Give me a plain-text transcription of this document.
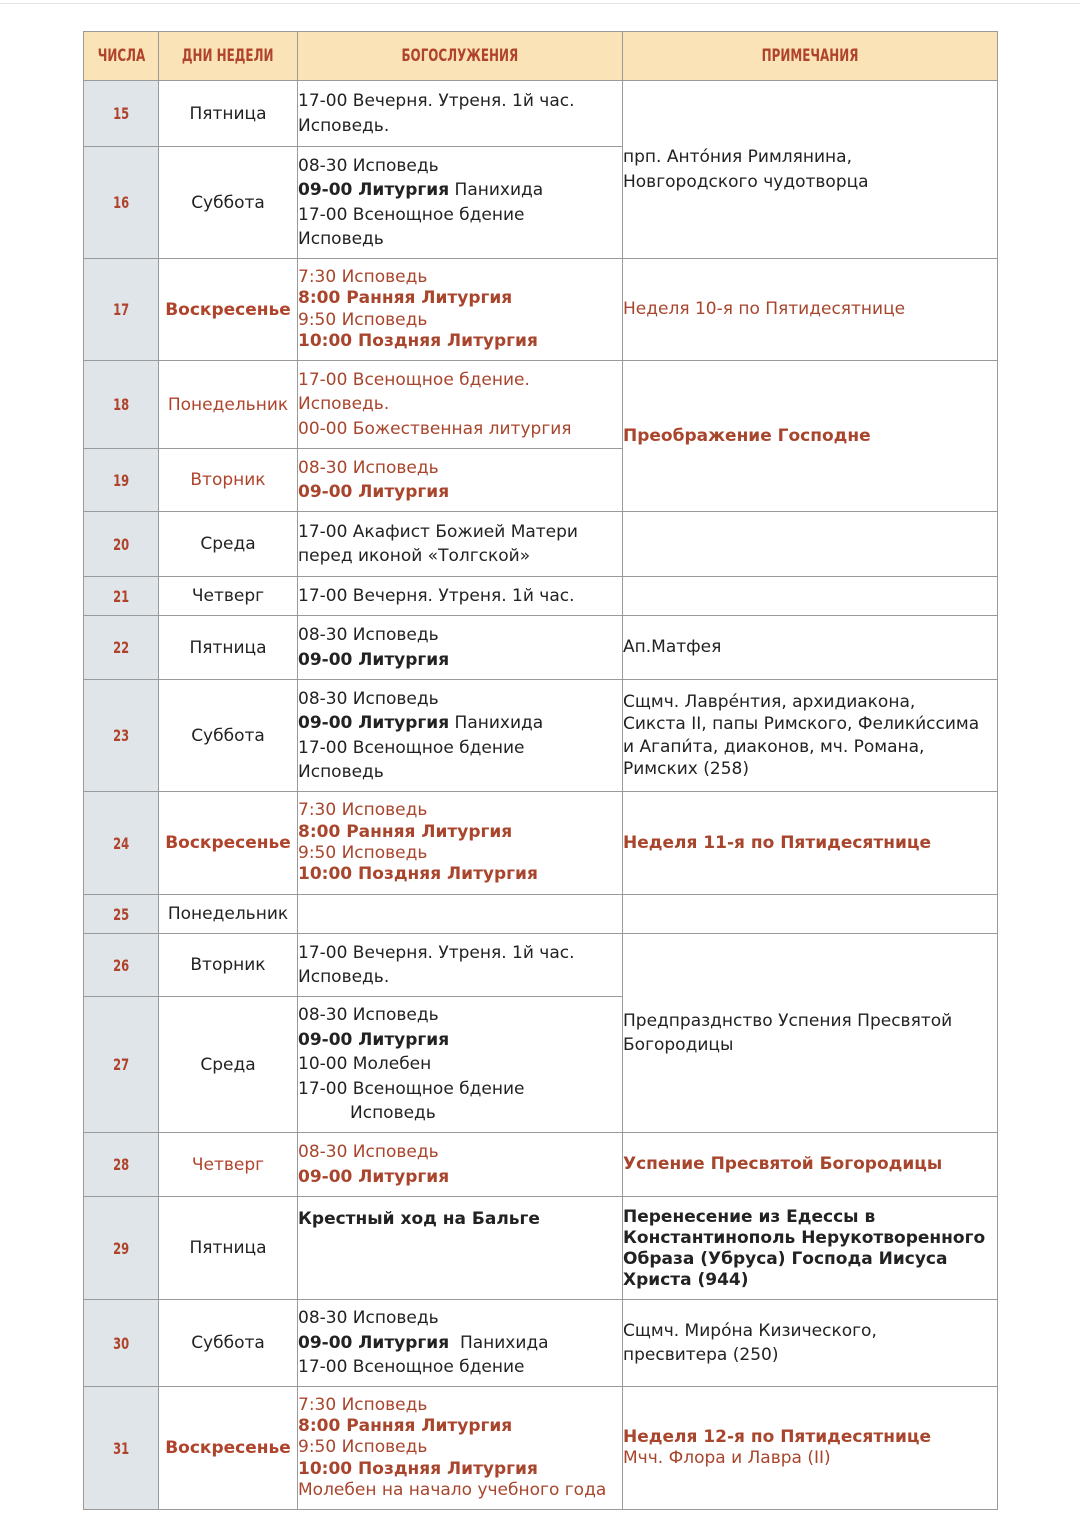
ЧИСЛА	ДНИ НЕДЕЛИ	БОГОСЛУЖЕНИЯ	ПРИМЕЧАНИЯ
15	Пятница	17-00 Вечерня. Утреня. 1й час.
Исповедь.	прп. Антóния Римлянина,
Новгородского чудотворца

16	Суббота	08-30 Исповедь
09-00 Литургия Панихида
17-00 Всенощное бдение
Исповедь	

17	Воскресенье	7:30 Исповедь
8:00 Ранняя Литургия
9:50 Исповедь
10:00 Поздняя Литургия	Неделя 10-я по Пятидесятнице
18	Понедельник	17-00 Всенощное бдение.
Исповедь.
00-00 Божественная литургия	Преображение Господне
19	Вторник	08-30 Исповедь
09-00 Литургия	

20	Среда	17-00 Акафист Божией Матери
перед иконой «Толгской»	

21	Четверг	17-00 Вечерня. Утреня. 1й час.	

22	Пятница	08-30 Исповедь
09-00 Литургия	Ап.Матфея
23	Суббота	08-30 Исповедь
09-00 Литургия Панихида
17-00 Всенощное бдение
Исповедь	Сщмч. Лаврéнтия, архидиакона,
Сикста II, папы Римского, Фелики́ссима
и Агапи́та, диаконов, мч. Романа,
Римских (258)

24	Воскресенье	7:30 Исповедь
8:00 Ранняя Литургия
9:50 Исповедь
10:00 Поздняя Литургия	Неделя 11-я по Пятидесятнице
25	Понедельник		
26	Вторник	17-00 Вечерня. Утреня. 1й час.
Исповедь.	Предпразднство Успения Пресвятой
Богородицы

27	Среда	08-30 Исповедь
09-00 Литургия
10-00 Молебен
17-00 Всенощное бдение
Исповедь	

28	Четверг	08-30 Исповедь
09-00 Литургия	Успение Пресвятой Богородицы
29	Пятница	Крестный ход на Бальге	Перенесение из Едессы в
Константинополь Нерукотворенного
Образа (Убруса) Господа Иисуса
Христа (944)

30	Суббота	08-30 Исповедь
09-00 Литургия  Панихида
17-00 Всенощное бдение	Сщмч. Мирóна Кизического,
пресвитера (250)

31	Воскресенье	7:30 Исповедь
8:00 Ранняя Литургия
9:50 Исповедь
10:00 Поздняя Литургия
Молебен на начало учебного года	Неделя 12-я по Пятидесятнице
Мчч. Флора и Лавра (II)
